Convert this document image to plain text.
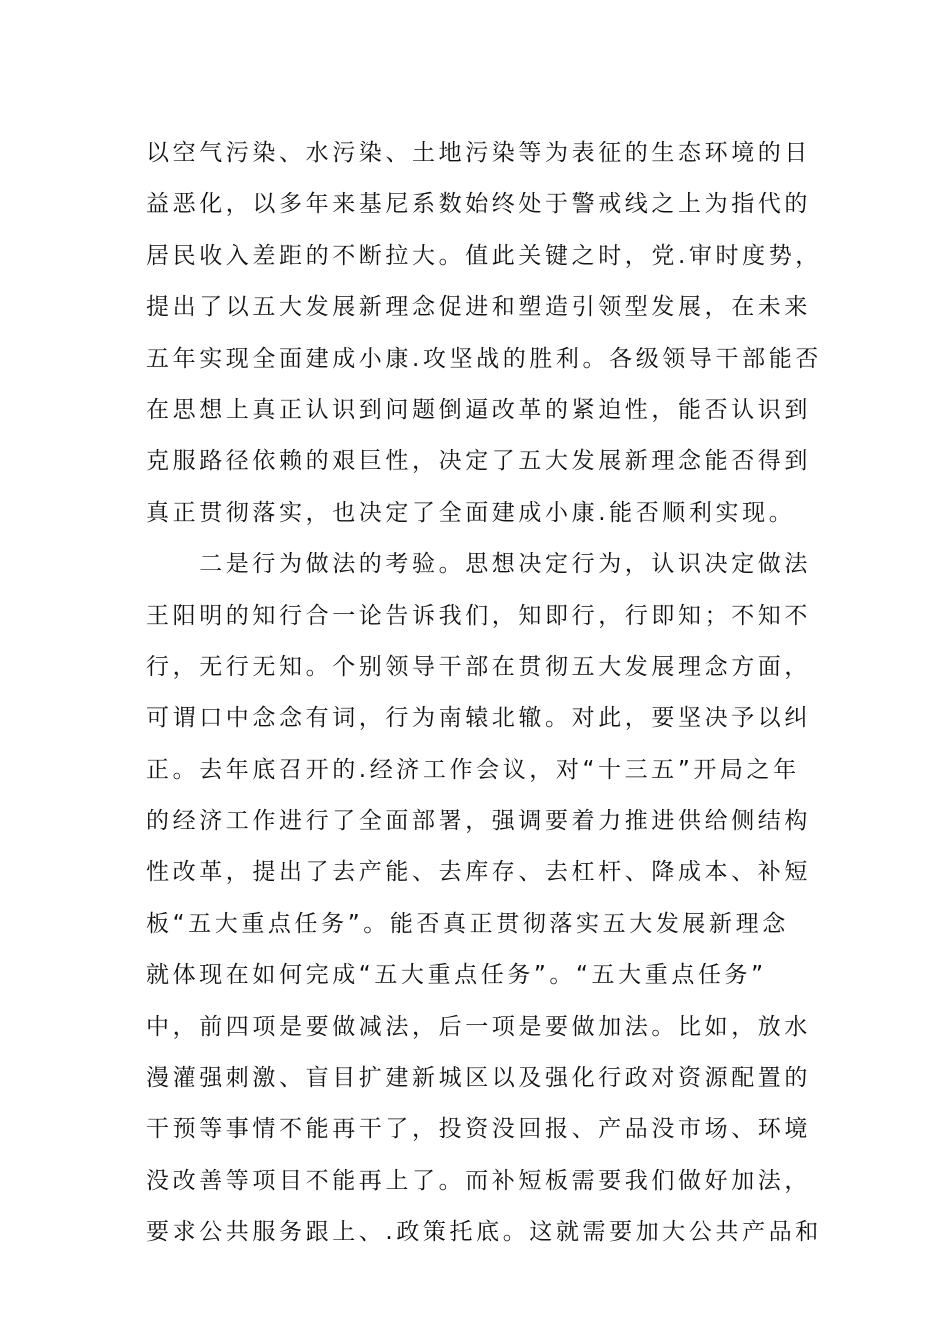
以空气污染、水污染、土地污染等为表征的生态环境的日
益恶化，以多年来基尼系数始终处于警戒线之上为指代的
居民收入差距的不断拉大。值此关键之时，党.审时度势，
提出了以五大发展新理念促进和塑造引领型发展，在未来
五年实现全面建成小康.攻坚战的胜利。各级领导干部能否
在思想上真正认识到问题倒逼改革的紧迫性，能否认识到
克服路径依赖的艰巨性，决定了五大发展新理念能否得到
真正贯彻落实，也决定了全面建成小康.能否顺利实现。
　　二是行为做法的考验。思想决定行为，认识决定做法
王阳明的知行合一论告诉我们，知即行，行即知；不知不
行，无行无知。个别领导干部在贯彻五大发展理念方面，
可谓口中念念有词，行为南辕北辙。对此，要坚决予以纠
正。去年底召开的.经济工作会议，对“十三五”开局之年
的经济工作进行了全面部署，强调要着力推进供给侧结构
性改革，提出了去产能、去库存、去杠杆、降成本、补短
板“五大重点任务”。能否真正贯彻落实五大发展新理念
就体现在如何完成“五大重点任务”。“五大重点任务”
中，前四项是要做减法，后一项是要做加法。比如，放水
漫灌强刺激、盲目扩建新城区以及强化行政对资源配置的
干预等事情不能再干了，投资没回报、产品没市场、环境
没改善等项目不能再上了。而补短板需要我们做好加法，
要求公共服务跟上、.政策托底。这就需要加大公共产品和
